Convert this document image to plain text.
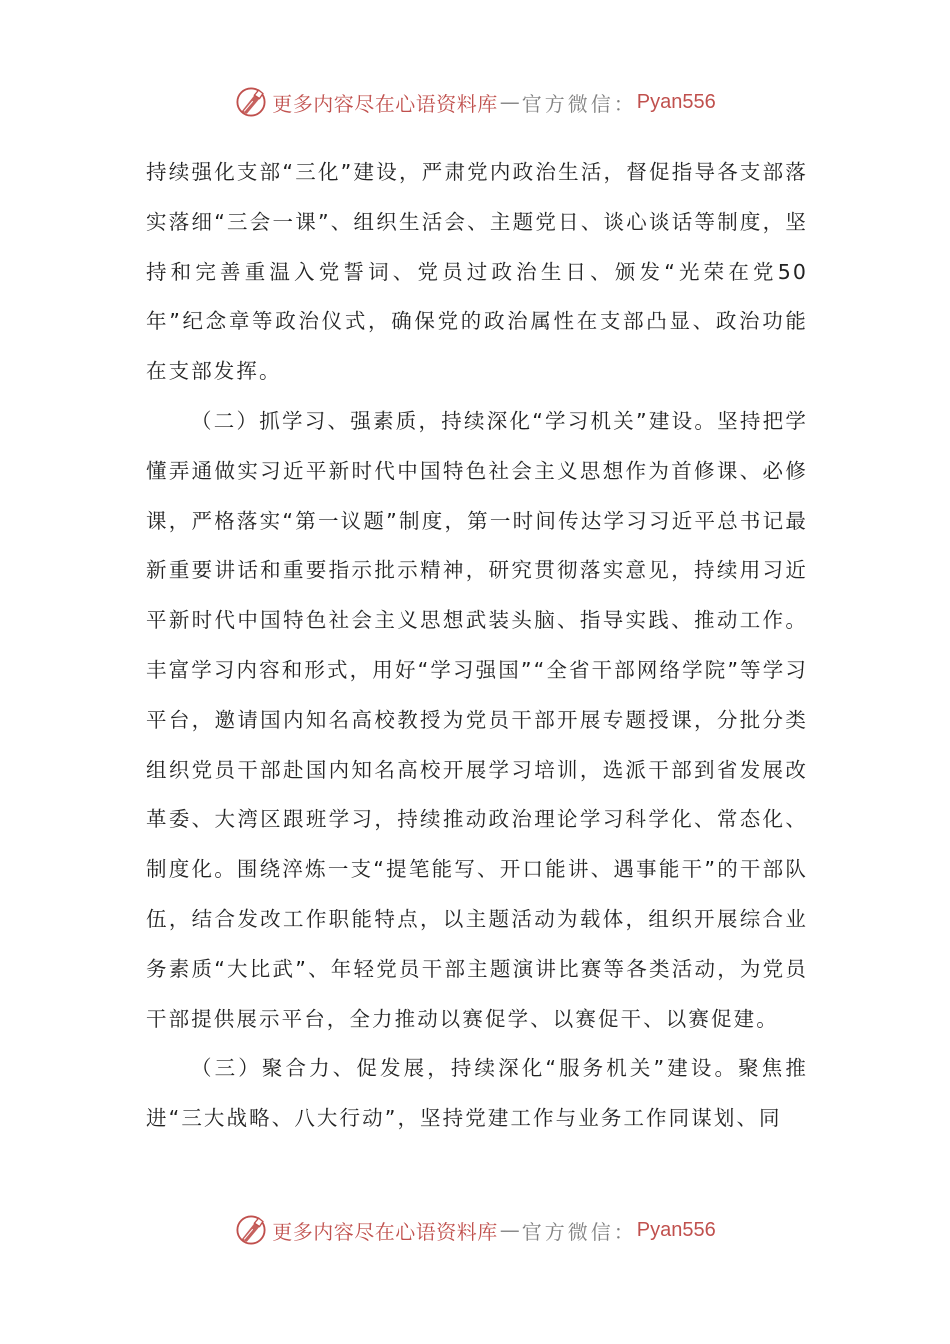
更多内容尽在心语资料库 — 官方微信： Pyan556

持续强化支部“三化”建设，严肃党内政治生活，督促指导各支部落实落细“三会一课”、组织生活会、主题党日、谈心谈话等制度，坚持和完善重温入党誓词、党员过政治生日、颁发“光荣在党50年”纪念章等政治仪式，确保党的政治属性在支部凸显、政治功能在支部发挥。

（二）抓学习、强素质，持续深化“学习机关”建设。坚持把学懂弄通做实习近平新时代中国特色社会主义思想作为首修课、必修课，严格落实“第一议题”制度，第一时间传达学习习近平总书记最新重要讲话和重要指示批示精神，研究贯彻落实意见，持续用习近平新时代中国特色社会主义思想武装头脑、指导实践、推动工作。丰富学习内容和形式，用好“学习强国”“全省干部网络学院”等学习平台，邀请国内知名高校教授为党员干部开展专题授课，分批分类组织党员干部赴国内知名高校开展学习培训，选派干部到省发展改革委、大湾区跟班学习，持续推动政治理论学习科学化、常态化、制度化。围绕淬炼一支“提笔能写、开口能讲、遇事能干”的干部队伍，结合发改工作职能特点，以主题活动为载体，组织开展综合业务素质“大比武”、年轻党员干部主题演讲比赛等各类活动，为党员干部提供展示平台，全力推动以赛促学、以赛促干、以赛促建。

（三）聚合力、促发展，持续深化“服务机关”建设。聚焦推进“三大战略、八大行动”，坚持党建工作与业务工作同谋划、同

更多内容尽在心语资料库 — 官方微信： Pyan556
